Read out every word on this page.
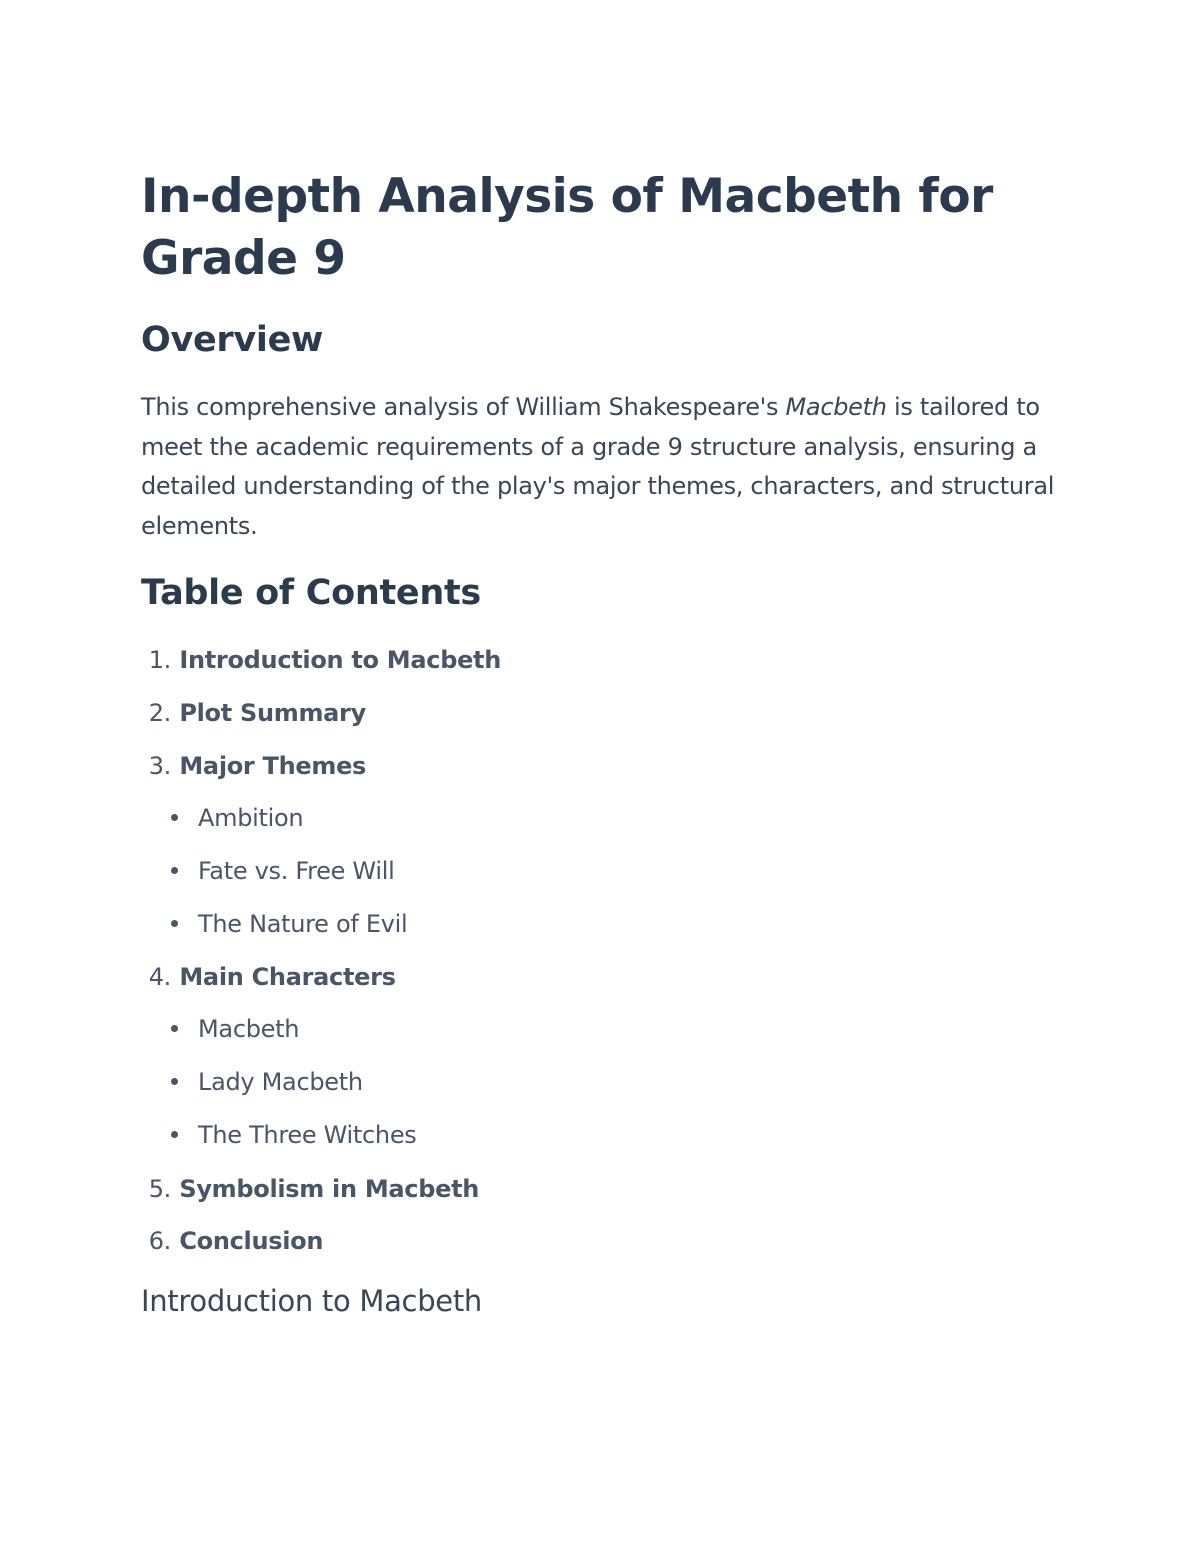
In-depth Analysis of Macbeth for Grade 9
Overview

This comprehensive analysis of William Shakespeare's Macbeth is tailored to meet the academic requirements of a grade 9 structure analysis, ensuring a detailed understanding of the play's major themes, characters, and structural elements.

Table of Contents
1. Introduction to Macbeth
2. Plot Summary
3. Major Themes
Ambition
Fate vs. Free Will
The Nature of Evil
4. Main Characters
Macbeth
Lady Macbeth
The Three Witches
5. Symbolism in Macbeth
6. Conclusion
Introduction to Macbeth
